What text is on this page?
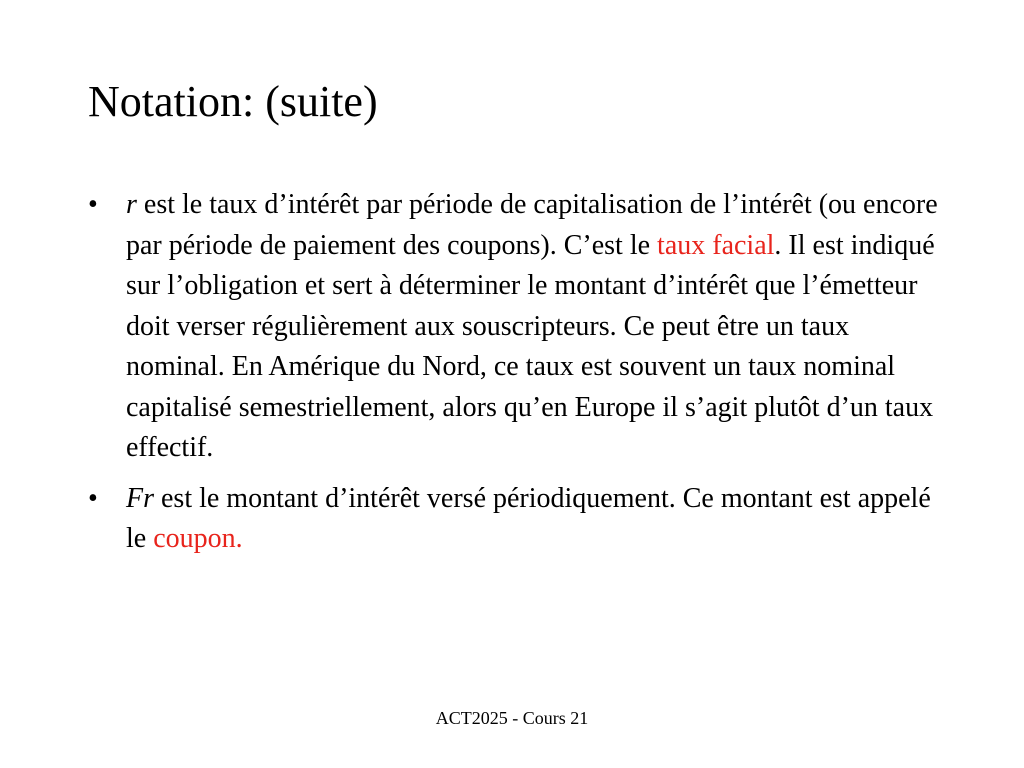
Notation: (suite)
•	r est le taux d’intérêt par période de capitalisation de l’intérêt (ou encore par période de paiement des coupons). C’est le taux facial. Il est indiqué sur l’obligation et sert à déterminer le montant d’intérêt que l’émetteur doit verser régulièrement aux souscripteurs. Ce peut être un taux nominal. En Amérique du Nord, ce taux est souvent un taux nominal capitalisé semestriellement, alors qu’en Europe il s’agit plutôt d’un taux effectif.
•	Fr est le montant d’intérêt versé périodiquement. Ce montant est appelé le coupon.
ACT2025 - Cours 21
